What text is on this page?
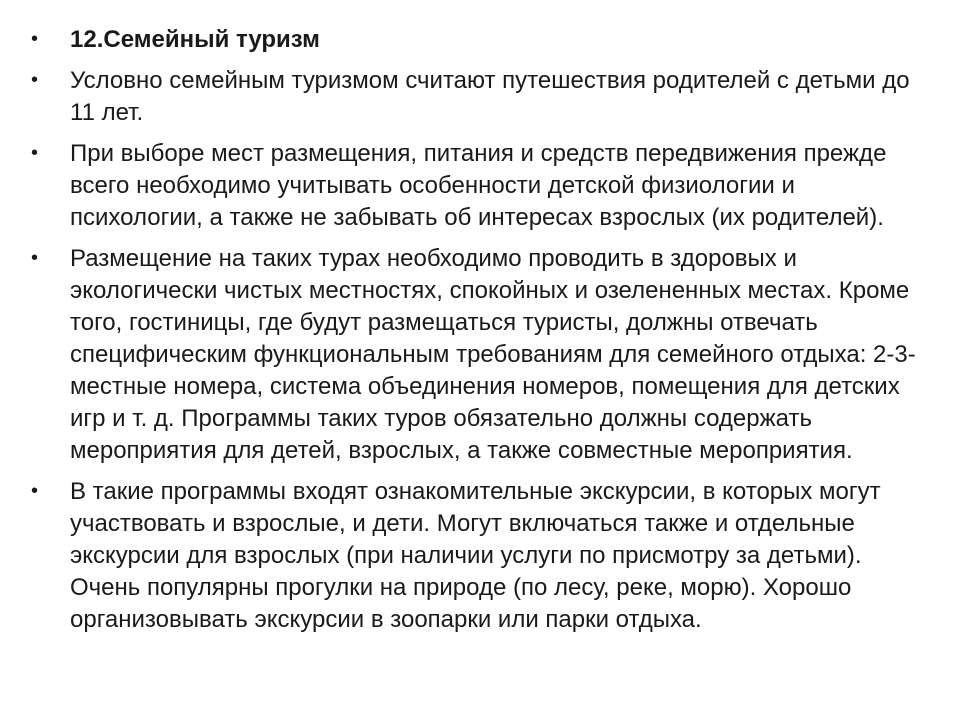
• 12.Семейный туризм
• Условно семейным туризмом считают путешествия родителей с детьми до 11 лет.
• При выборе мест размещения, питания и средств передвижения прежде всего необходимо учитывать особенности детской физиологии и психологии, а также не забывать об интересах взрослых (их родителей).
• Размещение на таких турах необходимо проводить в здоровых и экологически чистых местностях, спокойных и озелененных местах. Кроме того, гостиницы, где будут размещаться туристы, должны отвечать специфическим функциональным требованиям для семейного отдыха: 2-3-местные номера, система объединения номеров, помещения для детских игр и т. д. Программы таких туров обязательно должны содержать мероприятия для детей, взрослых, а также совместные мероприятия.
• В такие программы входят ознакомительные экскурсии, в которых могут участвовать и взрослые, и дети. Могут включаться также и отдельные экскурсии для взрослых (при наличии услуги по присмотру за детьми). Очень популярны прогулки на природе (по лесу, реке, морю). Хорошо организовывать экскурсии в зоопарки или парки отдыха.
